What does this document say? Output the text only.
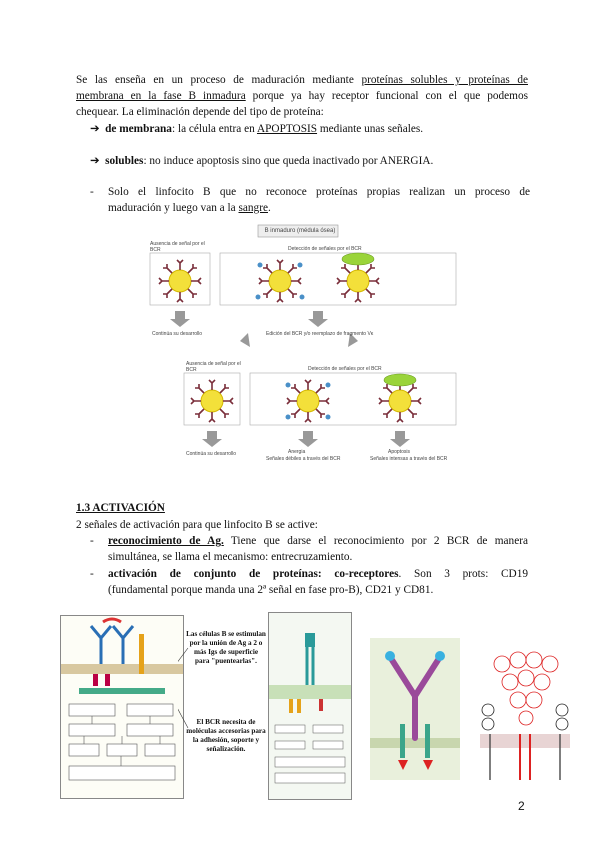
Se las enseña en un proceso de maduración mediante proteínas solubles y proteínas de
membrana en la fase B inmadura porque ya hay receptor funcional con el que podemos
chequear. La eliminación depende del tipo de proteína:
➔ de membrana: la célula entra en APOPTOSIS mediante unas señales.
➔ solubles: no induce apoptosis sino que queda inactivado por ANERGIA.
-	Solo el linfocito B que no reconoce proteínas propias realizan un proceso de
maduración y luego van a la sangre.
B inmaduro (médula ósea)
Ausencia de señal por el BCR	Detección de señales por el BCR
Continúa su desarrollo	Edición del BCR y/o reemplazo de fragmento Vκ
Ausencia de señal por el BCR	Detección de señales por el BCR
Continúa su desarrollo	Anergia
Señales débiles a través del BCR
Apoptosis
Señales intensas a través del BCR
1.3 ACTIVACIÓN
2 señales de activación para que linfocito B se active:
-	reconocimiento de Ag. Tiene que darse el reconocimiento por 2 BCR de manera
simultánea, se llama el mecanismo: entrecruzamiento.
-	activación de conjunto de proteínas: co-receptores. Son 3 prots: CD19
(fundamental porque manda una 2ª señal en fase pro-B), CD21 y CD81.
Las células B se estimulan por la unión de Ag a 2 o más Igs de superficie para "puentearlas".
El BCR necesita de moléculas accesorias para la adhesión, soporte y señalización.
2
